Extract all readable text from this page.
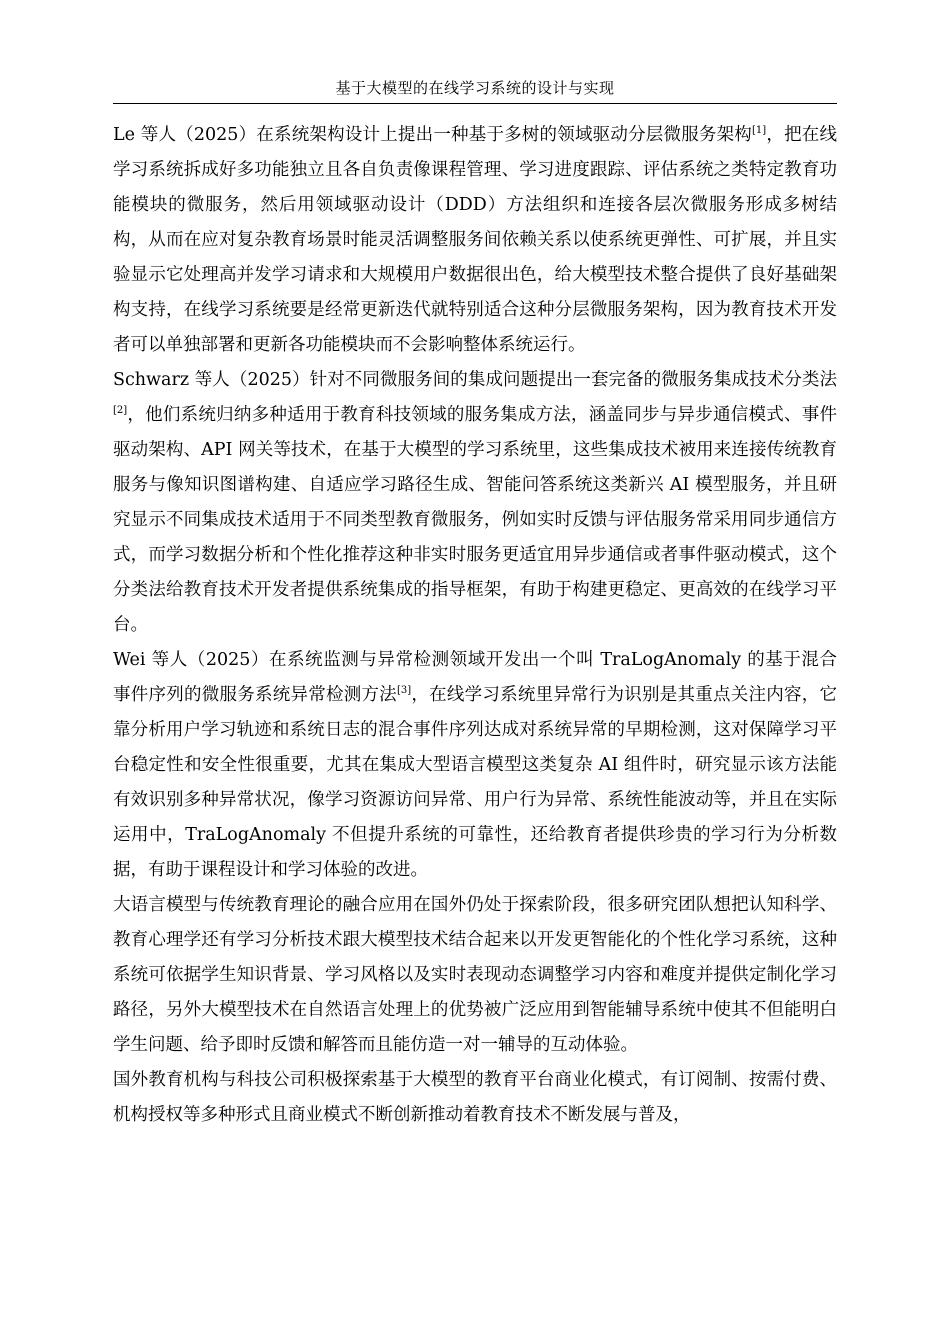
基于大模型的在线学习系统的设计与实现

Le 等人（2025）在系统架构设计上提出一种基于多树的领域驱动分层微服务架构[1]，把在线学习系统拆成好多功能独立且各自负责像课程管理、学习进度跟踪、评估系统之类特定教育功能模块的微服务，然后用领域驱动设计（DDD）方法组织和连接各层次微服务形成多树结构，从而在应对复杂教育场景时能灵活调整服务间依赖关系以使系统更弹性、可扩展，并且实验显示它处理高并发学习请求和大规模用户数据很出色，给大模型技术整合提供了良好基础架构支持，在线学习系统要是经常更新迭代就特别适合这种分层微服务架构，因为教育技术开发者可以单独部署和更新各功能模块而不会影响整体系统运行。

Schwarz 等人（2025）针对不同微服务间的集成问题提出一套完备的微服务集成技术分类法[2]，他们系统归纳多种适用于教育科技领域的服务集成方法，涵盖同步与异步通信模式、事件驱动架构、API 网关等技术，在基于大模型的学习系统里，这些集成技术被用来连接传统教育服务与像知识图谱构建、自适应学习路径生成、智能问答系统这类新兴 AI 模型服务，并且研究显示不同集成技术适用于不同类型教育微服务，例如实时反馈与评估服务常采用同步通信方式，而学习数据分析和个性化推荐这种非实时服务更适宜用异步通信或者事件驱动模式，这个分类法给教育技术开发者提供系统集成的指导框架，有助于构建更稳定、更高效的在线学习平台。

Wei 等人（2025）在系统监测与异常检测领域开发出一个叫 TraLogAnomaly 的基于混合事件序列的微服务系统异常检测方法[3]，在线学习系统里异常行为识别是其重点关注内容，它靠分析用户学习轨迹和系统日志的混合事件序列达成对系统异常的早期检测，这对保障学习平台稳定性和安全性很重要，尤其在集成大型语言模型这类复杂 AI 组件时，研究显示该方法能有效识别多种异常状况，像学习资源访问异常、用户行为异常、系统性能波动等，并且在实际运用中，TraLogAnomaly 不但提升系统的可靠性，还给教育者提供珍贵的学习行为分析数据，有助于课程设计和学习体验的改进。

大语言模型与传统教育理论的融合应用在国外仍处于探索阶段，很多研究团队想把认知科学、教育心理学还有学习分析技术跟大模型技术结合起来以开发更智能化的个性化学习系统，这种系统可依据学生知识背景、学习风格以及实时表现动态调整学习内容和难度并提供定制化学习路径，另外大模型技术在自然语言处理上的优势被广泛应用到智能辅导系统中使其不但能明白学生问题、给予即时反馈和解答而且能仿造一对一辅导的互动体验。

国外教育机构与科技公司积极探索基于大模型的教育平台商业化模式，有订阅制、按需付费、机构授权等多种形式且商业模式不断创新推动着教育技术不断发展与普及，
